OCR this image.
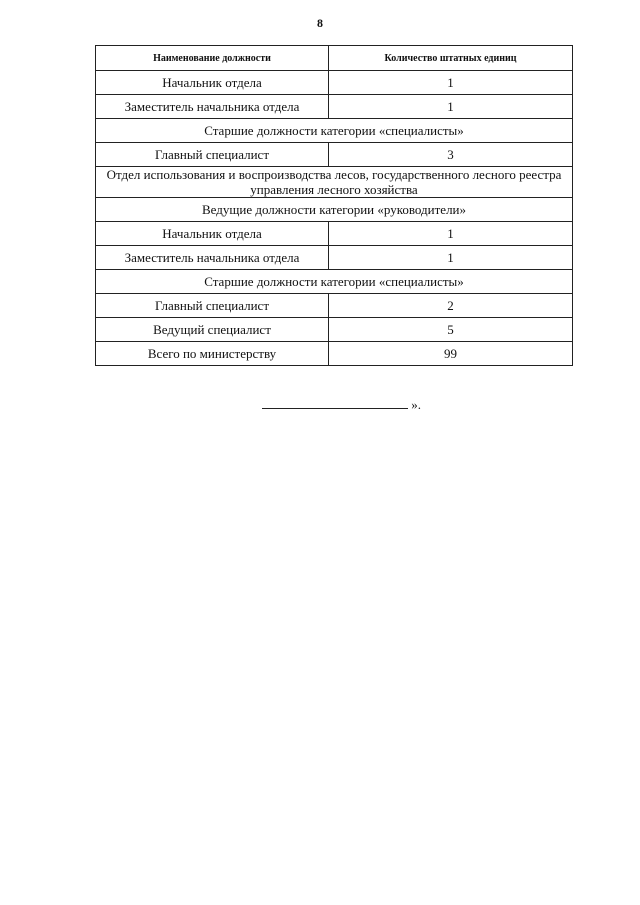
8
Наименование должности	Количество штатных единиц
Начальник отдела	1
Заместитель начальника отдела	1
Старшие должности категории «специалисты»	
Главный специалист	3
Отдел использования и воспроизводства лесов, государственного лесного реестра управления лесного хозяйства	
Ведущие должности категории «руководители»	
Начальник отдела	1
Заместитель начальника отдела	1
Старшие должности категории «специалисты»	
Главный специалист	2
Ведущий специалист	5
Всего по министерству	99
».
